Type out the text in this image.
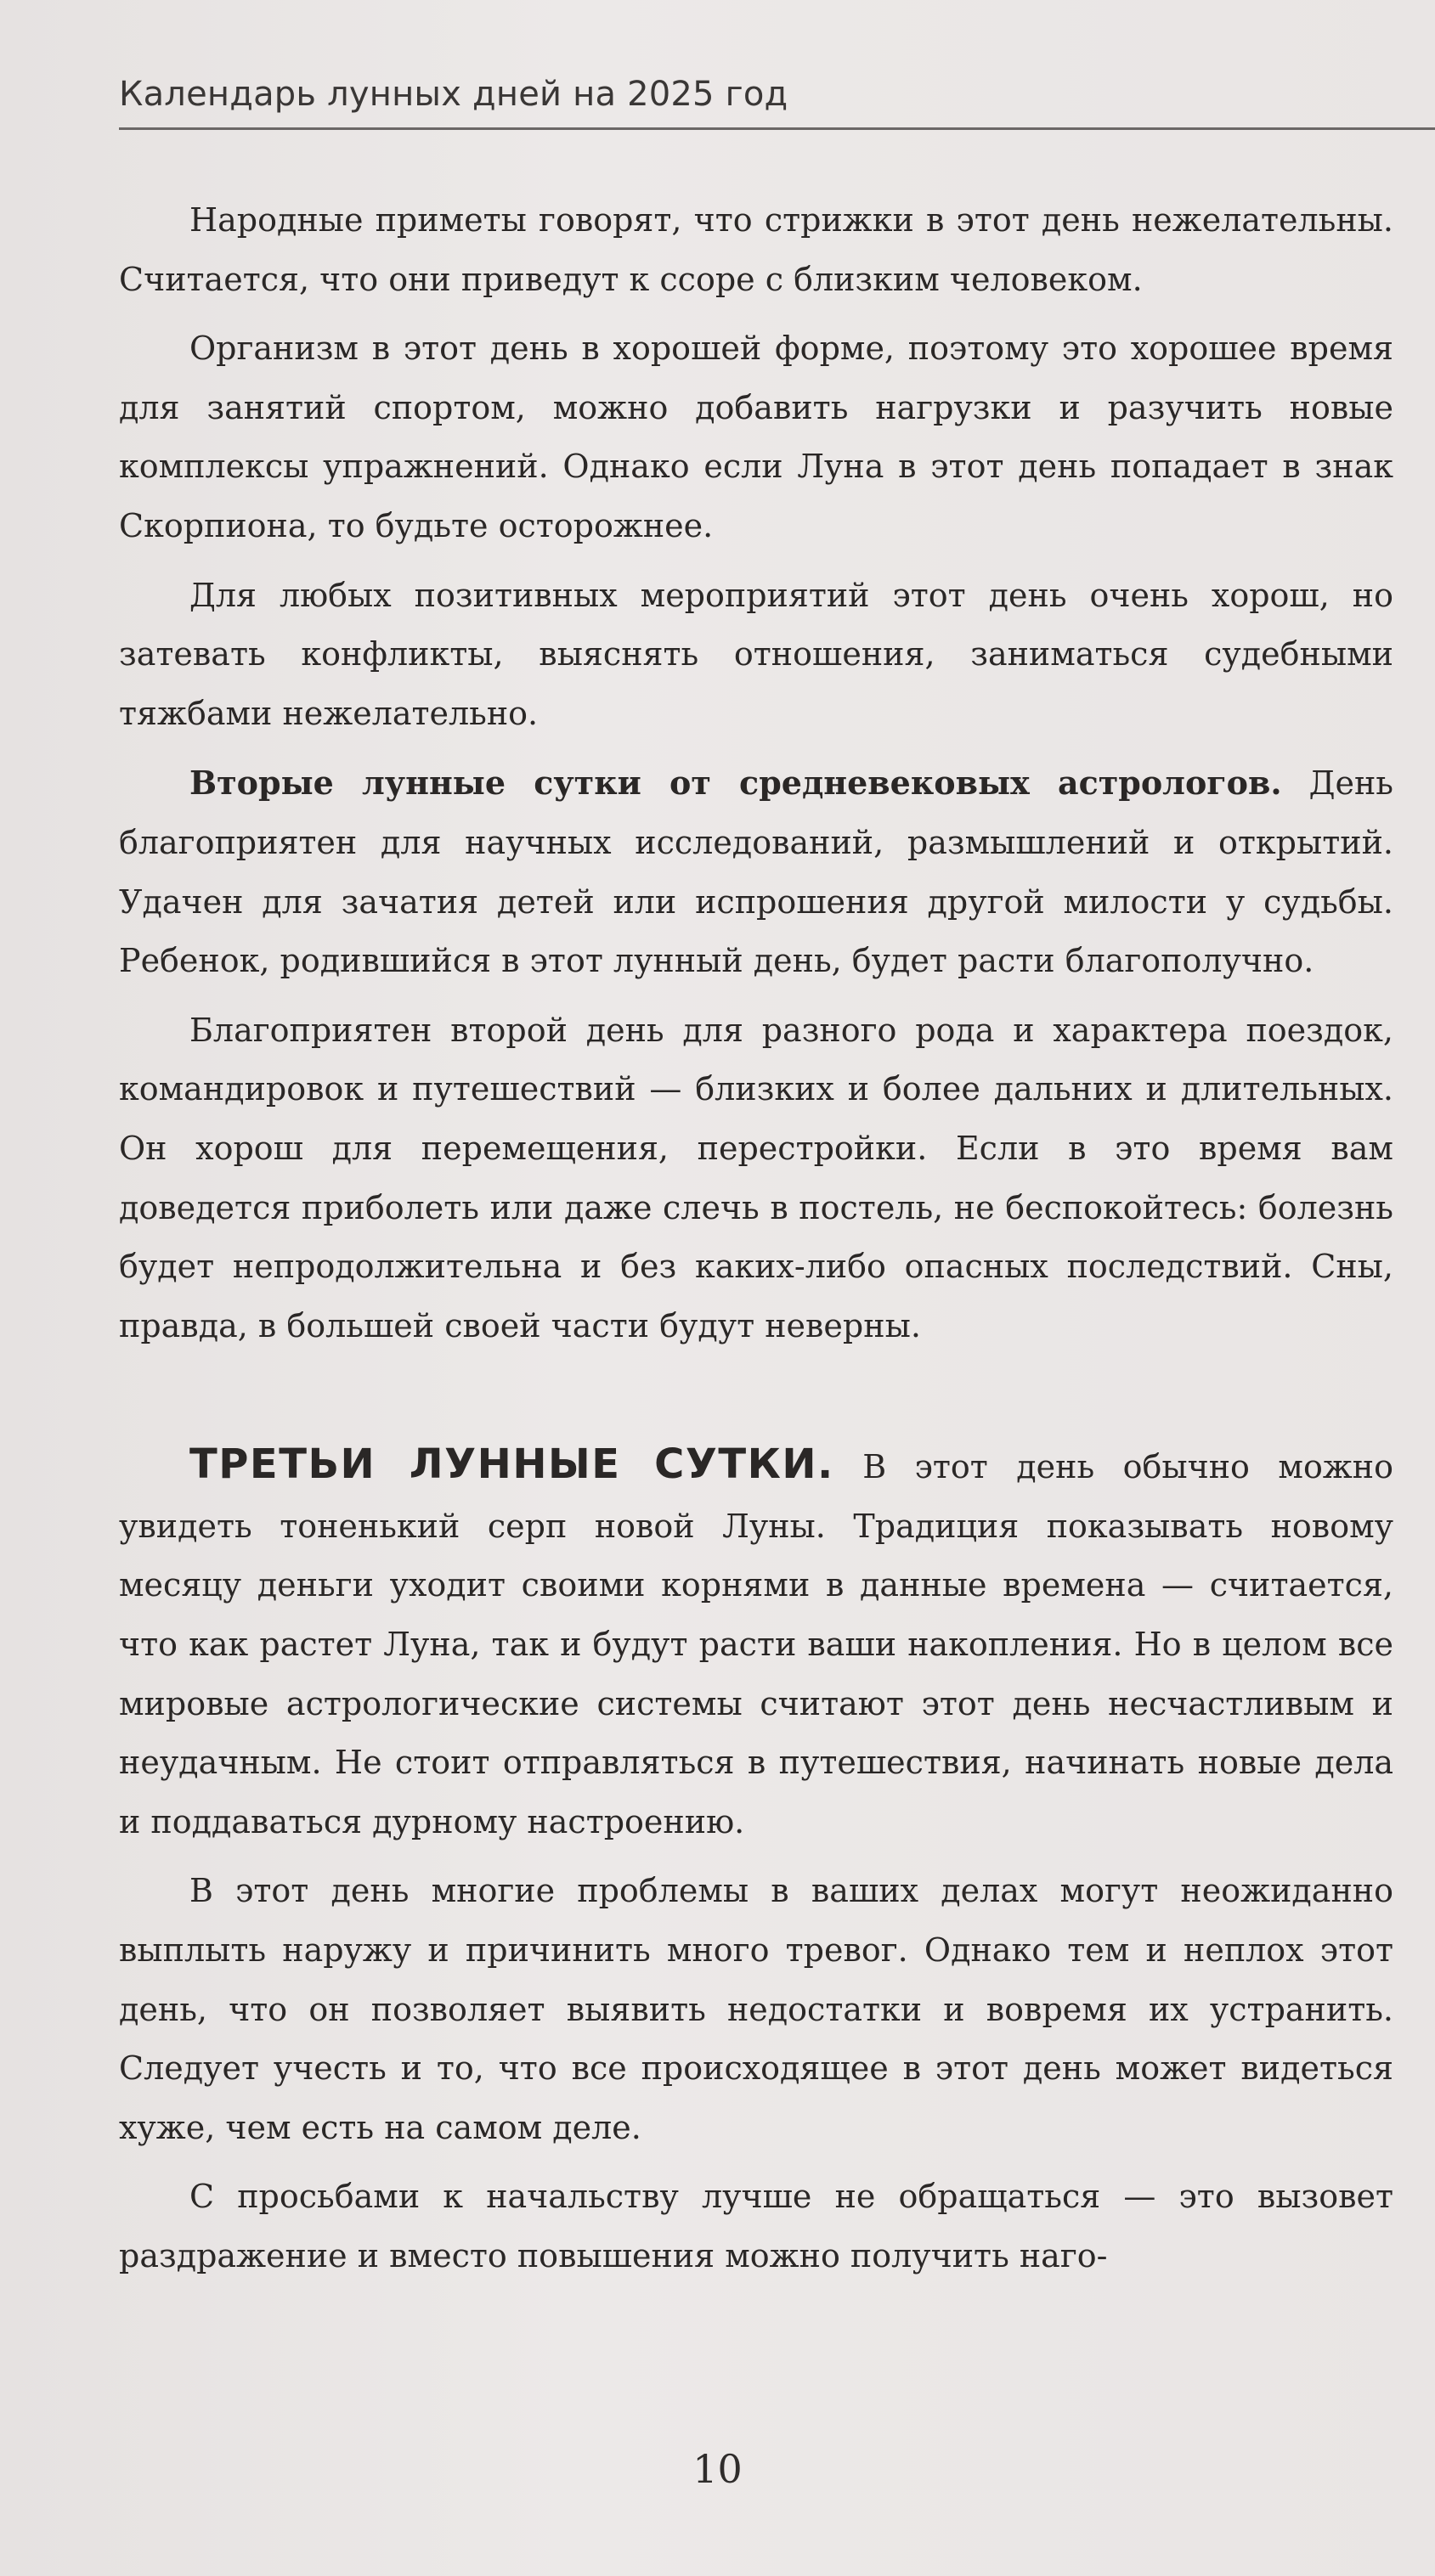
Календарь лунных дней на 2025 год

Народные приметы говорят, что стрижки в этот день нежелательны. Считается, что они приведут к ссоре с близким человеком.

Организм в этот день в хорошей форме, поэтому это хорошее время для занятий спортом, можно добавить нагрузки и разучить новые комплексы упражнений. Однако если Луна в этот день попадает в знак Скорпиона, то будьте осторожнее.

Для любых позитивных мероприятий этот день очень хорош, но затевать конфликты, выяснять отношения, заниматься судебными тяжбами нежелательно.

Вторые лунные сутки от средневековых астрологов. День благоприятен для научных исследований, размышлений и открытий. Удачен для зачатия детей или испрошения другой милости у судьбы. Ребенок, родившийся в этот лунный день, будет расти благополучно.

Благоприятен второй день для разного рода и характера поездок, командировок и путешествий — близких и более дальних и длительных. Он хорош для перемещения, перестройки. Если в это время вам доведется приболеть или даже слечь в постель, не беспокойтесь: болезнь будет непродолжительна и без каких-либо опасных последствий. Сны, правда, в большей своей части будут неверны.

ТРЕТЬИ ЛУННЫЕ СУТКИ. В этот день обычно можно увидеть тоненький серп новой Луны. Традиция показывать новому месяцу деньги уходит своими корнями в данные времена — считается, что как растет Луна, так и будут расти ваши накопления. Но в целом все мировые астрологические системы считают этот день несчастливым и неудачным. Не стоит отправляться в путешествия, начинать новые дела и поддаваться дурному настроению.

В этот день многие проблемы в ваших делах могут неожиданно выплыть наружу и причинить много тревог. Однако тем и неплох этот день, что он позволяет выявить недостатки и вовремя их устранить. Следует учесть и то, что все происходящее в этот день может видеться хуже, чем есть на самом деле.

С просьбами к начальству лучше не обращаться — это вызовет раздражение и вместо повышения можно получить наго-

10
